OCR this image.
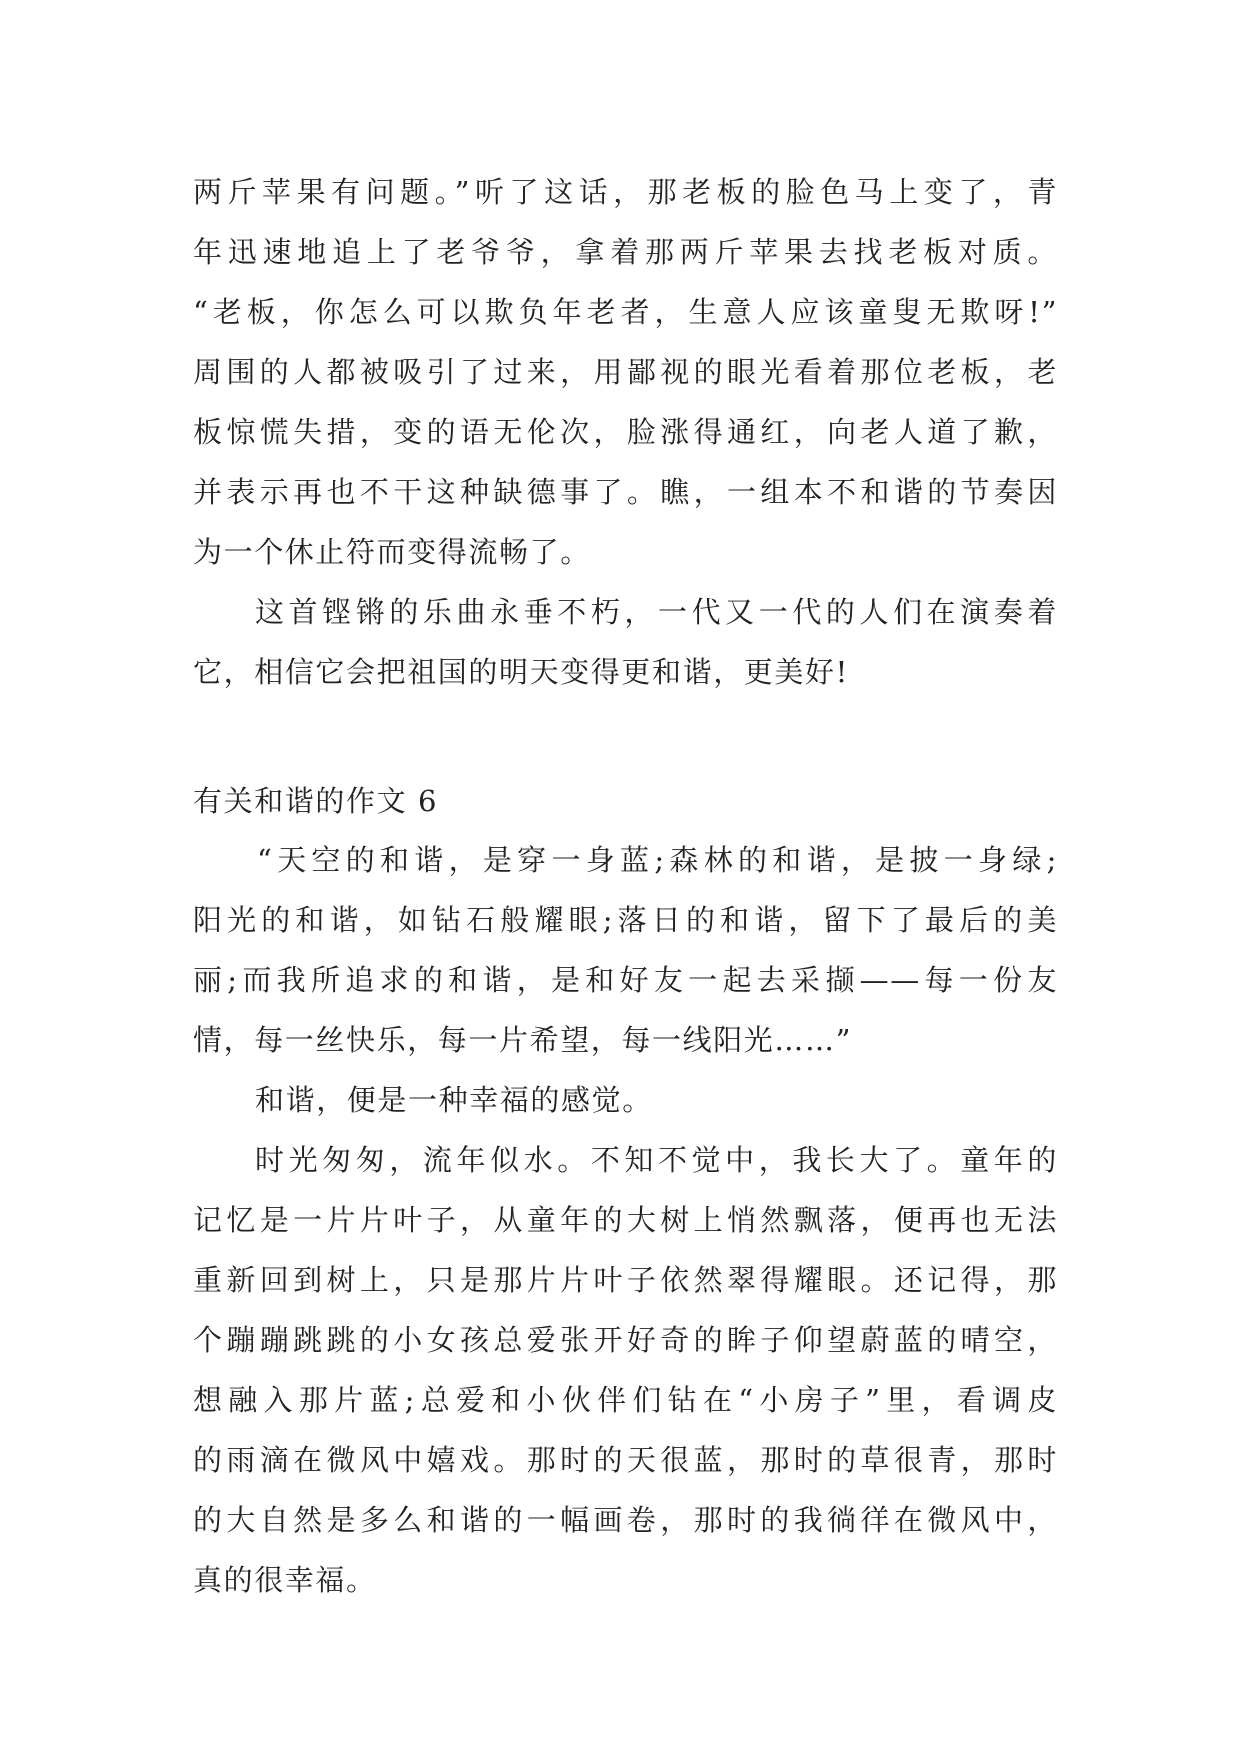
两斤苹果有问题。”听了这话，那老板的脸色马上变了，青
年迅速地追上了老爷爷，拿着那两斤苹果去找老板对质。
“老板，你怎么可以欺负年老者，生意人应该童叟无欺呀!”
周围的人都被吸引了过来，用鄙视的眼光看着那位老板，老
板惊慌失措，变的语无伦次，脸涨得通红，向老人道了歉，
并表示再也不干这种缺德事了。瞧，一组本不和谐的节奏因
为一个休止符而变得流畅了。
这首铿锵的乐曲永垂不朽，一代又一代的人们在演奏着
它，相信它会把祖国的明天变得更和谐，更美好!
有关和谐的作文 6
“天空的和谐，是穿一身蓝;森林的和谐，是披一身绿;
阳光的和谐，如钻石般耀眼;落日的和谐，留下了最后的美
丽;而我所追求的和谐，是和好友一起去采撷——每一份友
情，每一丝快乐，每一片希望，每一线阳光……”
和谐，便是一种幸福的感觉。
时光匆匆，流年似水。不知不觉中，我长大了。童年的
记忆是一片片叶子，从童年的大树上悄然飘落，便再也无法
重新回到树上，只是那片片叶子依然翠得耀眼。还记得，那
个蹦蹦跳跳的小女孩总爱张开好奇的眸子仰望蔚蓝的晴空，
想融入那片蓝;总爱和小伙伴们钻在“小房子”里，看调皮
的雨滴在微风中嬉戏。那时的天很蓝，那时的草很青，那时
的大自然是多么和谐的一幅画卷，那时的我徜徉在微风中，
真的很幸福。
